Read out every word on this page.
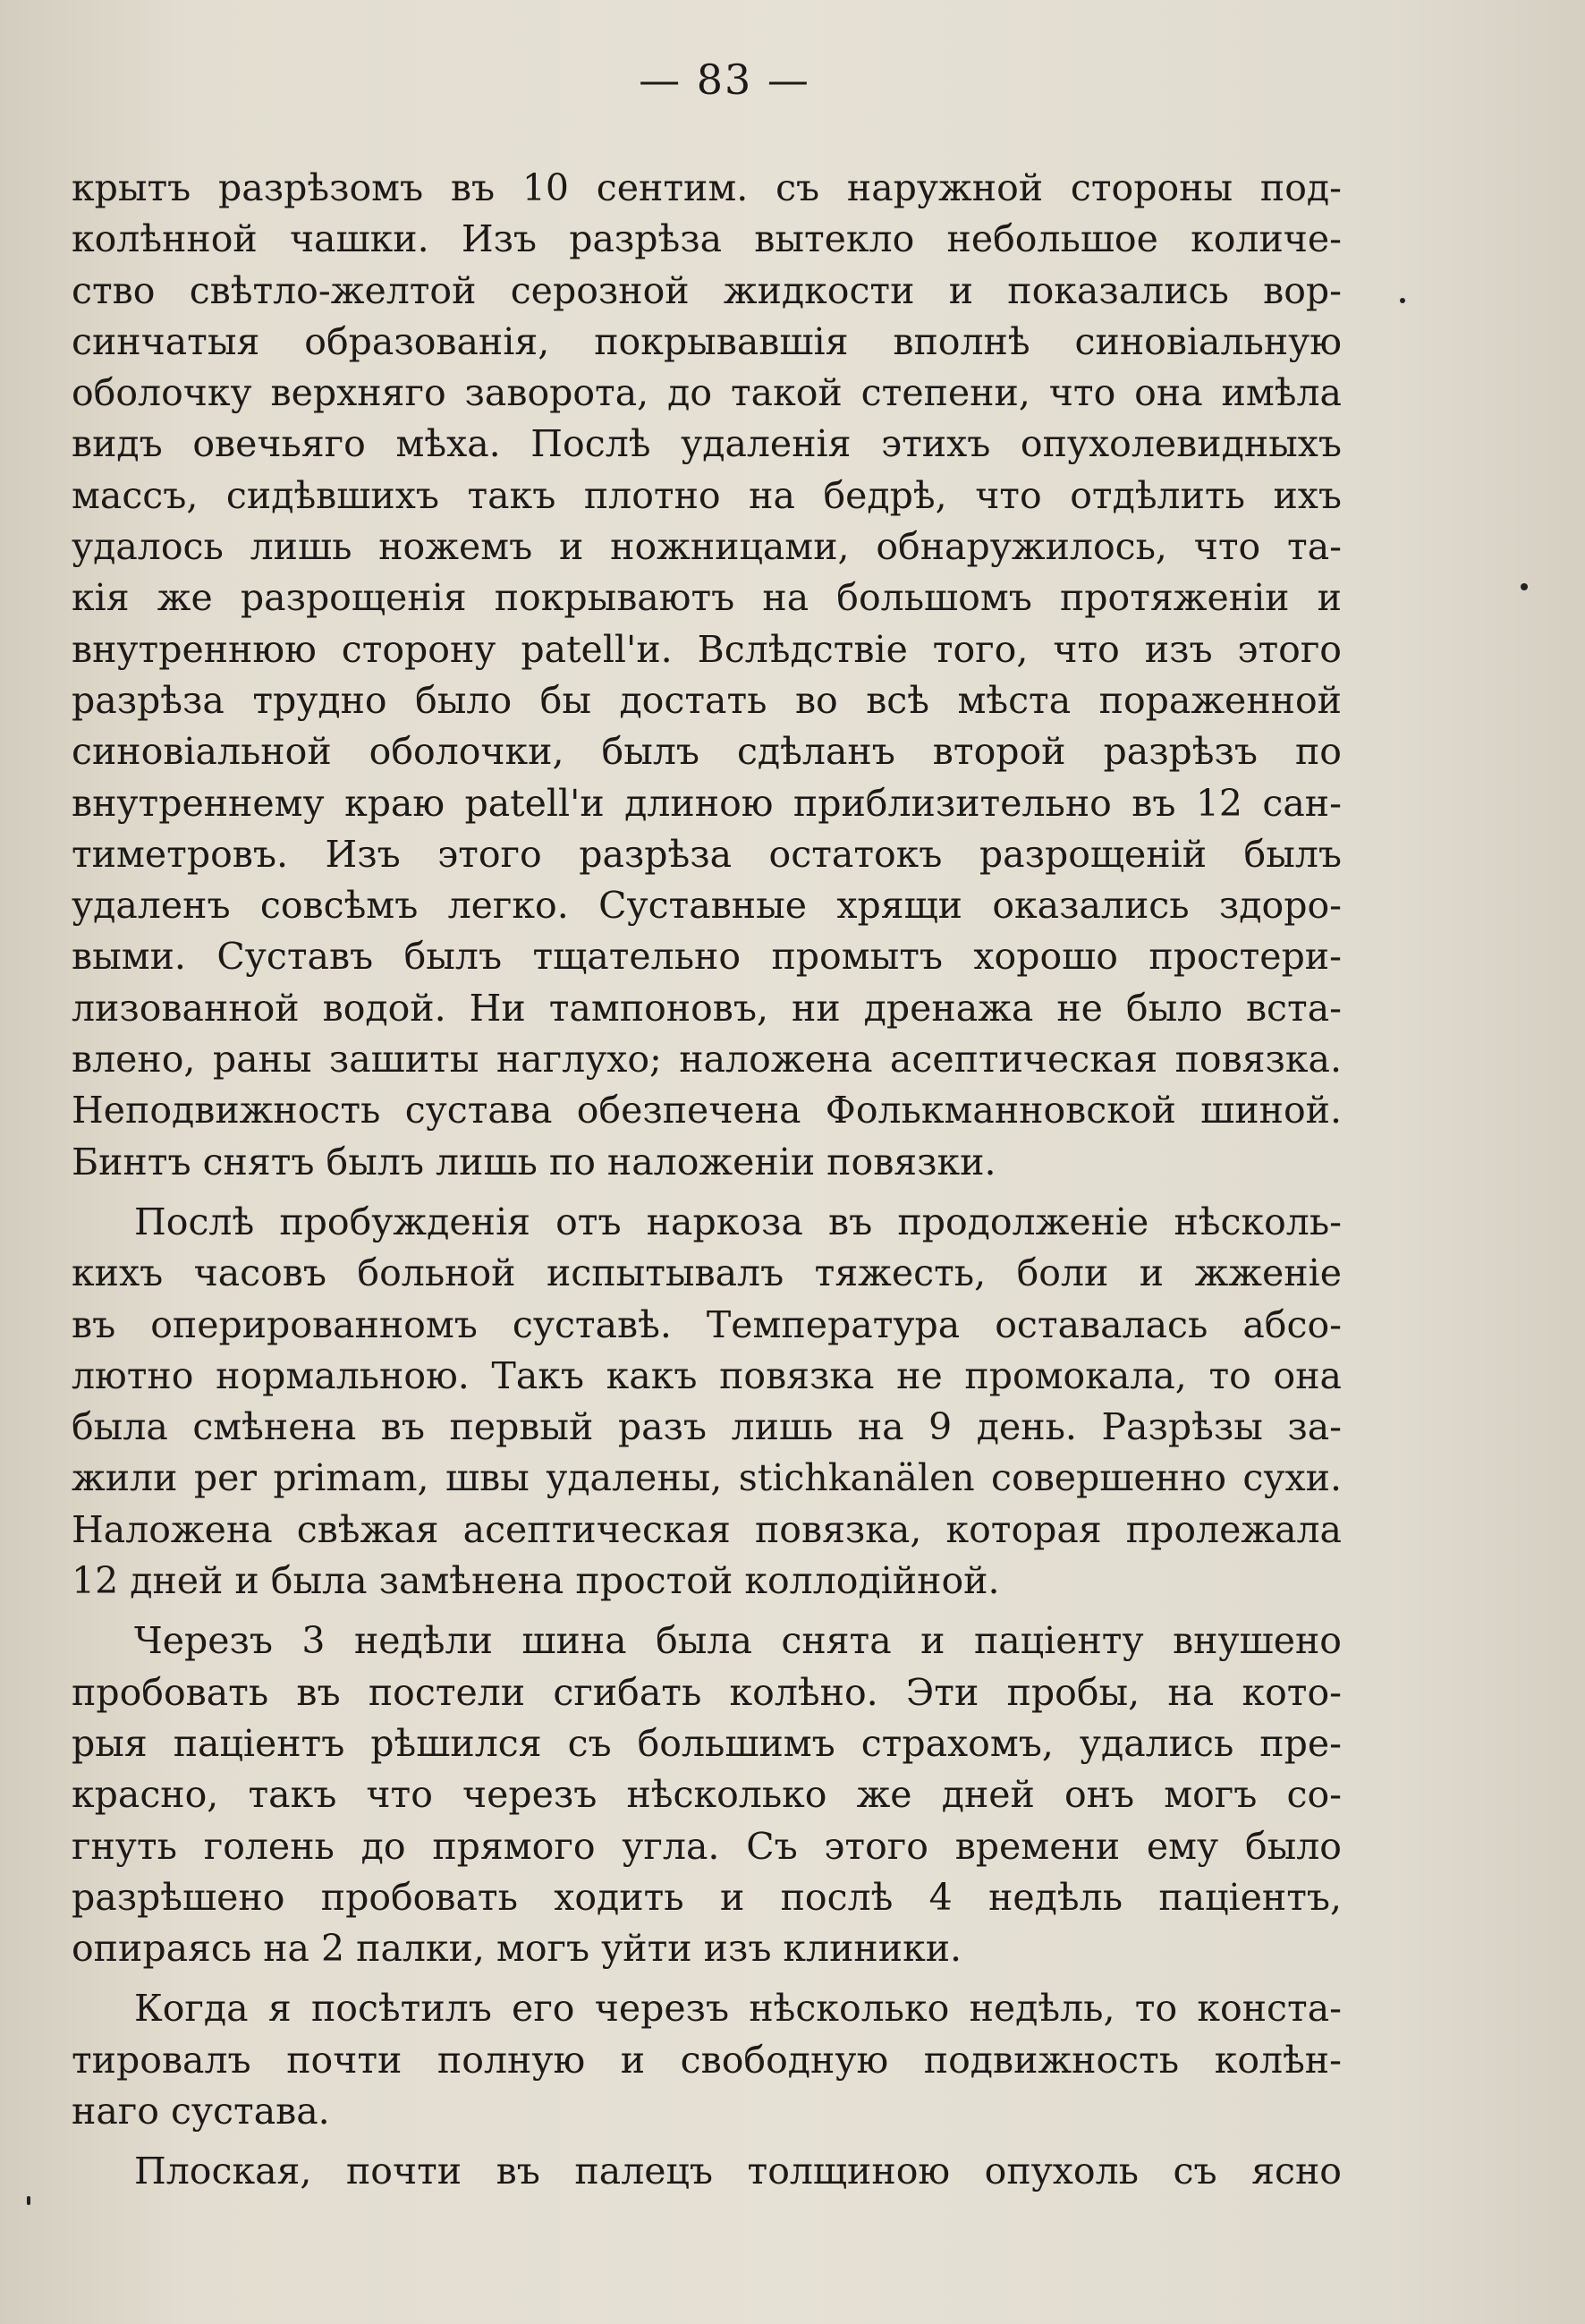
— 83 —

крытъ разрѣзомъ въ 10 сентим. съ наружной стороны под-

колѣнной чашки. Изъ разрѣза вытекло небольшое количе-

ство свѣтло-желтой серозной жидкости и показались вор-

синчатыя образованія, покрывавшія вполнѣ синовіальную

оболочку верхняго заворота, до такой степени, что она имѣла

видъ овечьяго мѣха. Послѣ удаленія этихъ опухолевидныхъ

массъ, сидѣвшихъ такъ плотно на бедрѣ, что отдѣлить ихъ

удалось лишь ножемъ и ножницами, обнаружилось, что та-

кія же разрощенія покрываютъ на большомъ протяженіи и

внутреннюю сторону patell'и. Вслѣдствіе того, что изъ этого

разрѣза трудно было бы достать во всѣ мѣста пораженной

синовіальной оболочки, былъ сдѣланъ второй разрѣзъ по

внутреннему краю patell'и длиною приблизительно въ 12 сан-

тиметровъ. Изъ этого разрѣза остатокъ разрощеній былъ

удаленъ совсѣмъ легко. Суставные хрящи оказались здоро-

выми. Суставъ былъ тщательно промытъ хорошо простери-

лизованной водой. Ни тампоновъ, ни дренажа не было вста-

влено, раны зашиты наглухо; наложена асептическая повязка.

Неподвижность сустава обезпечена Фолькманновской шиной.

Бинтъ снятъ былъ лишь по наложеніи повязки.

Послѣ пробужденія отъ наркоза въ продолженіе нѣсколь-

кихъ часовъ больной испытывалъ тяжесть, боли и жженіе

въ оперированномъ суставѣ. Температура оставалась абсо-

лютно нормальною. Такъ какъ повязка не промокала, то она

была смѣнена въ первый разъ лишь на 9 день. Разрѣзы за-

жили per primam, швы удалены, stichkanälen совершенно сухи.

Наложена свѣжая асептическая повязка, которая пролежала

12 дней и была замѣнена простой коллодійной.

Черезъ 3 недѣли шина была снята и паціенту внушено

пробовать въ постели сгибать колѣно. Эти пробы, на кото-

рыя паціентъ рѣшился съ большимъ страхомъ, удались пре-

красно, такъ что черезъ нѣсколько же дней онъ могъ со-

гнуть голень до прямого угла. Съ этого времени ему было

разрѣшено пробовать ходить и послѣ 4 недѣль паціентъ,

опираясь на 2 палки, могъ уйти изъ клиники.

Когда я посѣтилъ его черезъ нѣсколько недѣль, то конста-

тировалъ почти полную и свободную подвижность колѣн-

наго сустава.

Плоская, почти въ палецъ толщиною опухоль съ ясно
